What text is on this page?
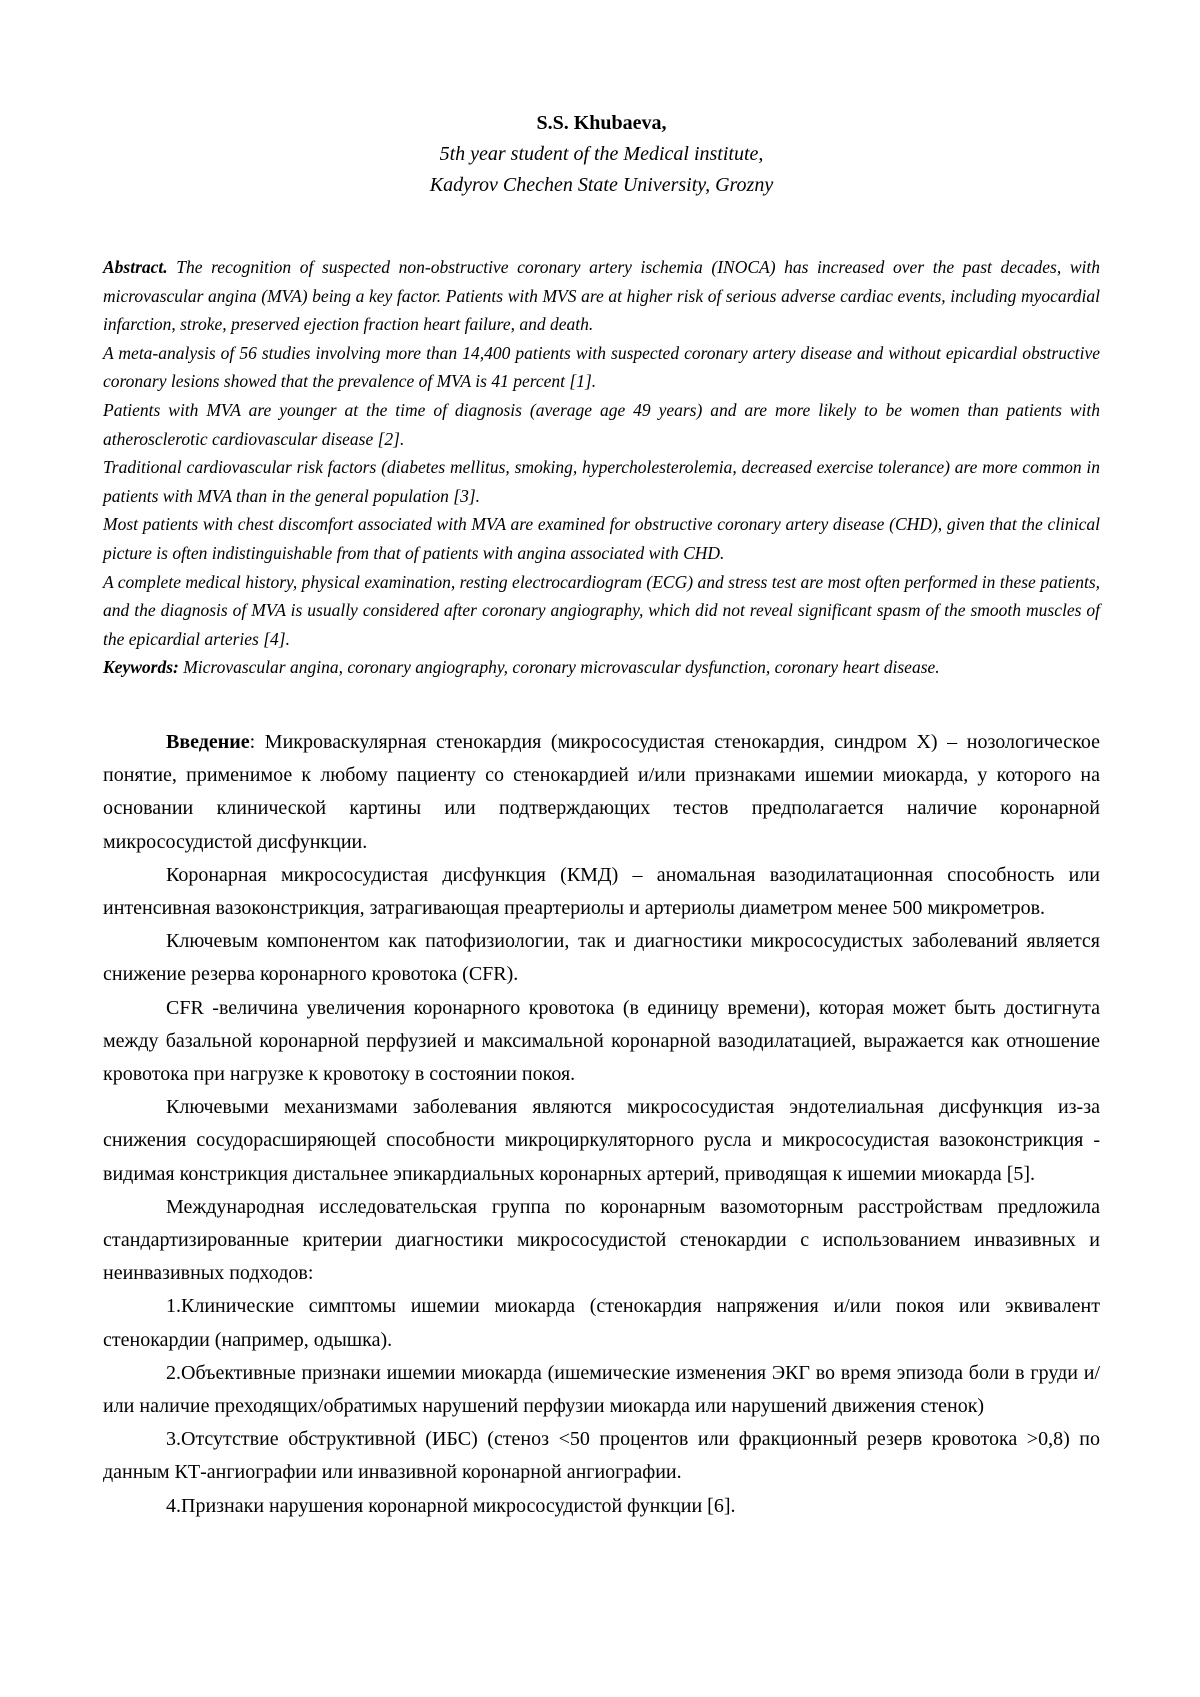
S.S. Khubaeva,
5th year student of the Medical institute,
Kadyrov Chechen State University, Grozny

Abstract. The recognition of suspected non-obstructive coronary artery ischemia (INOCA) has increased over the past decades, with microvascular angina (MVA) being a key factor. Patients with MVS are at higher risk of serious adverse cardiac events, including myocardial infarction, stroke, preserved ejection fraction heart failure, and death.

A meta-analysis of 56 studies involving more than 14,400 patients with suspected coronary artery disease and without epicardial obstructive coronary lesions showed that the prevalence of MVA is 41 percent [1].

Patients with MVA are younger at the time of diagnosis (average age 49 years) and are more likely to be women than patients with atherosclerotic cardiovascular disease [2].

Traditional cardiovascular risk factors (diabetes mellitus, smoking, hypercholesterolemia, decreased exercise tolerance) are more common in patients with MVA than in the general population [3].

Most patients with chest discomfort associated with MVA are examined for obstructive coronary artery disease (CHD), given that the clinical picture is often indistinguishable from that of patients with angina associated with CHD.

A complete medical history, physical examination, resting electrocardiogram (ECG) and stress test are most often performed in these patients, and the diagnosis of MVA is usually considered after coronary angiography, which did not reveal significant spasm of the smooth muscles of the epicardial arteries [4].

Keywords: Microvascular angina, coronary angiography, coronary microvascular dysfunction, coronary heart disease.

Введение: Микроваскулярная стенокардия (микрососудистая стенокардия, синдром Х) – нозологическое понятие, применимое к любому пациенту со стенокардией и/или признаками ишемии миокарда, у которого на основании клинической картины или подтверждающих тестов предполагается наличие коронарной микрососудистой дисфункции.

Коронарная микрососудистая дисфункция (КМД) – аномальная вазодилатационная способность или интенсивная вазоконстрикция, затрагивающая преартериолы и артериолы диаметром менее 500 микрометров.

Ключевым компонентом как патофизиологии, так и диагностики микрососудистых заболеваний является снижение резерва коронарного кровотока (CFR).

CFR -величина увеличения коронарного кровотока (в единицу времени), которая может быть достигнута между базальной коронарной перфузией и максимальной коронарной вазодилатацией, выражается как отношение кровотока при нагрузке к кровотоку в состоянии покоя.

Ключевыми механизмами заболевания являются микрососудистая эндотелиальная дисфункция из-за снижения сосудорасширяющей способности микроциркуляторного русла и микрососудистая вазоконстрикция - видимая констрикция дистальнее эпикардиальных коронарных артерий, приводящая к ишемии миокарда [5].

Международная исследовательская группа по коронарным вазомоторным расстройствам предложила стандартизированные критерии диагностики микрососудистой стенокардии с использованием инвазивных и неинвазивных подходов:

1.Клинические симптомы ишемии миокарда (стенокардия напряжения и/или покоя или эквивалент стенокардии (например, одышка).

2.Объективные признаки ишемии миокарда (ишемические изменения ЭКГ во время эпизода боли в груди и/или наличие преходящих/обратимых нарушений перфузии миокарда или нарушений движения стенок)

3.Отсутствие обструктивной (ИБС) (стеноз <50 процентов или фракционный резерв кровотока >0,8) по данным КТ-ангиографии или инвазивной коронарной ангиографии.

4.Признаки нарушения коронарной микрососудистой функции [6].
